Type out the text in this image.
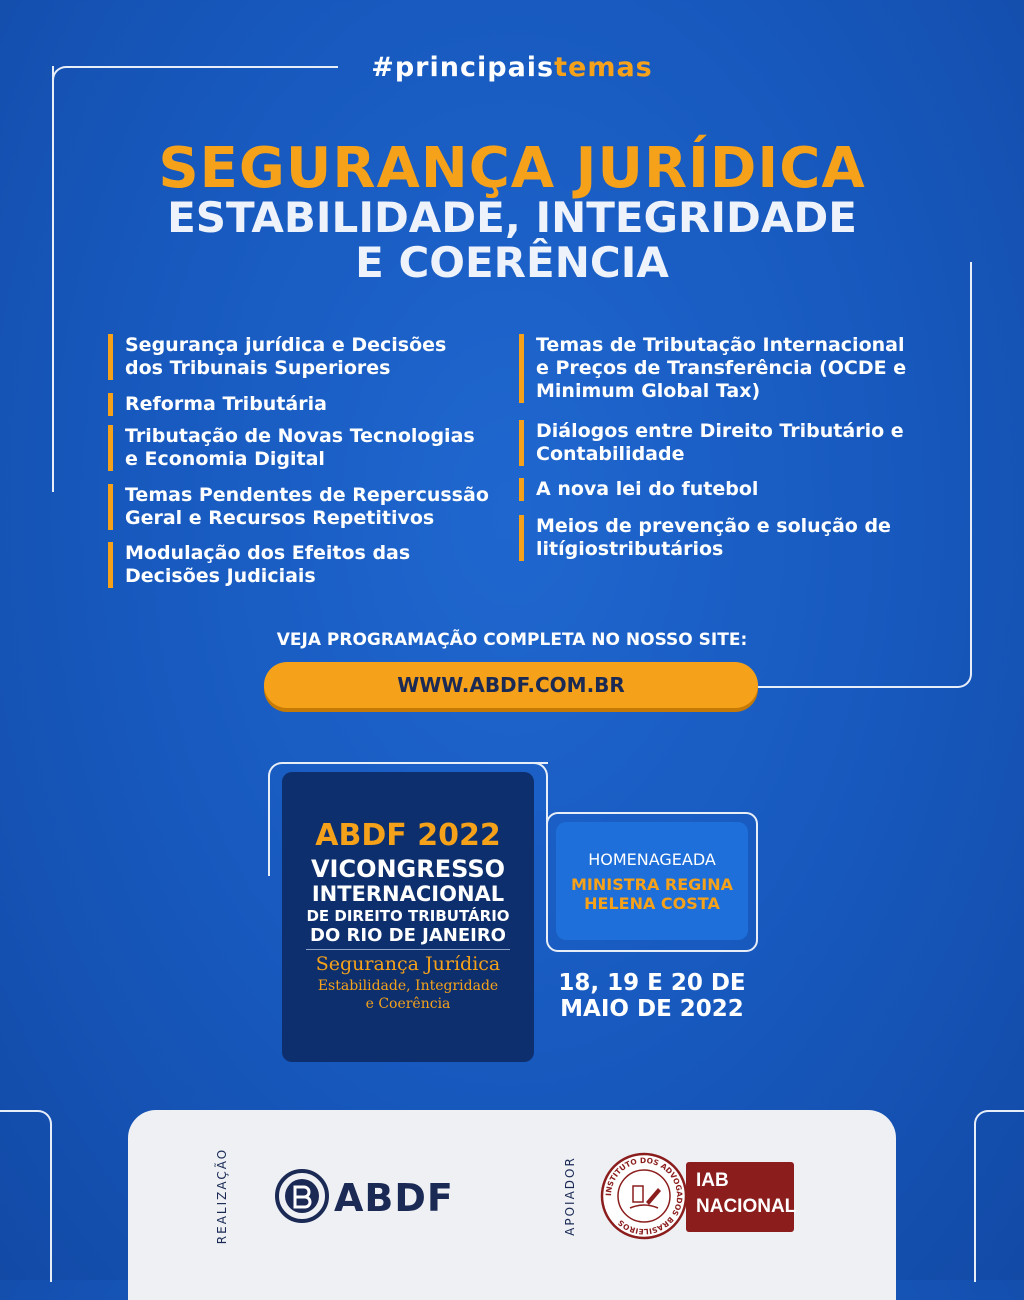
#principaistemas
SEGURANÇA JURÍDICA
ESTABILIDADE, INTEGRIDADE
E COERÊNCIA
Segurança jurídica e Decisões
dos Tribunais Superiores
Reforma Tributária
Tributação de Novas Tecnologias
e Economia Digital
Temas Pendentes de Repercussão
Geral e Recursos Repetitivos
Modulação dos Efeitos das
Decisões Judiciais
Temas de Tributação Internacional
e Preços de Transferência (OCDE e
Minimum Global Tax)
Diálogos entre Direito Tributário e
Contabilidade
A nova lei do futebol
Meios de prevenção e solução de
litígiostributários
VEJA PROGRAMAÇÃO COMPLETA NO NOSSO SITE:
WWW.ABDF.COM.BR
ABDF 2022
VICONGRESSO
INTERNACIONAL
DE DIREITO TRIBUTÁRIO
DO RIO DE JANEIRO
Segurança Jurídica
Estabilidade, Integridade
e Coerência
HOMENAGEADA
MINISTRA REGINA
HELENA COSTA
18, 19 E 20 DE
MAIO DE 2022
REALIZAÇÃO	ABDF	APOIADOR	INSTITUTO DOS ADVOGADOS BRASILEIROS
IAB
NACIONAL
